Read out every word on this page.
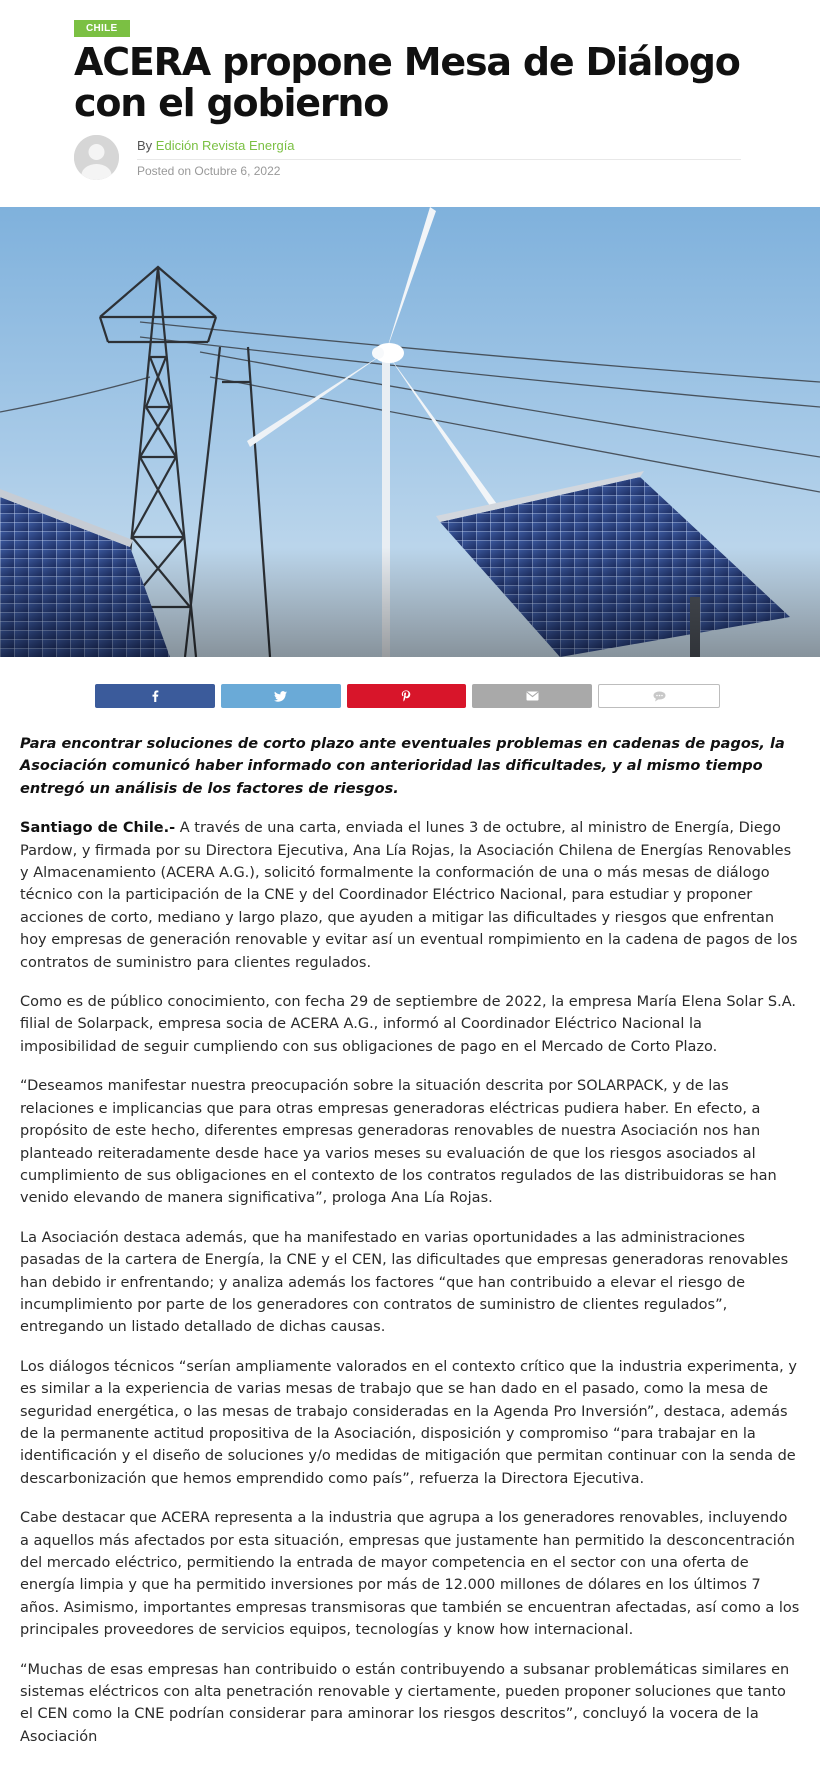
CHILE
ACERA propone Mesa de Diálogo con el gobierno
By Edición Revista Energía
Posted on Octubre 6, 2022

Para encontrar soluciones de corto plazo ante eventuales problemas en cadenas de pagos, la Asociación comunicó haber informado con anterioridad las dificultades, y al mismo tiempo entregó un análisis de los factores de riesgos.

Santiago de Chile.- A través de una carta, enviada el lunes 3 de octubre, al ministro de Energía, Diego Pardow, y firmada por su Directora Ejecutiva, Ana Lía Rojas, la Asociación Chilena de Energías Renovables y Almacenamiento (ACERA A.G.), solicitó formalmente la conformación de una o más mesas de diálogo técnico con la participación de la CNE y del Coordinador Eléctrico Nacional, para estudiar y proponer acciones de corto, mediano y largo plazo, que ayuden a mitigar las dificultades y riesgos que enfrentan hoy empresas de generación renovable y evitar así un eventual rompimiento en la cadena de pagos de los contratos de suministro para clientes regulados.

Como es de público conocimiento, con fecha 29 de septiembre de 2022, la empresa María Elena Solar S.A. filial de Solarpack, empresa socia de ACERA A.G., informó al Coordinador Eléctrico Nacional la imposibilidad de seguir cumpliendo con sus obligaciones de pago en el Mercado de Corto Plazo.

“Deseamos manifestar nuestra preocupación sobre la situación descrita por SOLARPACK, y de las relaciones e implicancias que para otras empresas generadoras eléctricas pudiera haber. En efecto, a propósito de este hecho, diferentes empresas generadoras renovables de nuestra Asociación nos han planteado reiteradamente desde hace ya varios meses su evaluación de que los riesgos asociados al cumplimiento de sus obligaciones en el contexto de los contratos regulados de las distribuidoras se han venido elevando de manera significativa”, prologa Ana Lía Rojas.

La Asociación destaca además, que ha manifestado en varias oportunidades a las administraciones pasadas de la cartera de Energía, la CNE y el CEN, las dificultades que empresas generadoras renovables han debido ir enfrentando; y analiza además los factores “que han contribuido a elevar el riesgo de incumplimiento por parte de los generadores con contratos de suministro de clientes regulados”, entregando un listado detallado de dichas causas.

Los diálogos técnicos “serían ampliamente valorados en el contexto crítico que la industria experimenta, y es similar a la experiencia de varias mesas de trabajo que se han dado en el pasado, como la mesa de seguridad energética, o las mesas de trabajo consideradas en la Agenda Pro Inversión”, destaca, además de la permanente actitud propositiva de la Asociación, disposición y compromiso “para trabajar en la identificación y el diseño de soluciones y/o medidas de mitigación que permitan continuar con la senda de descarbonización que hemos emprendido como país”, refuerza la Directora Ejecutiva.

Cabe destacar que ACERA representa a la industria que agrupa a los generadores renovables, incluyendo a aquellos más afectados por esta situación, empresas que justamente han permitido la desconcentración del mercado eléctrico, permitiendo la entrada de mayor competencia en el sector con una oferta de energía limpia y que ha permitido inversiones por más de 12.000 millones de dólares en los últimos 7 años. Asimismo, importantes empresas transmisoras que también se encuentran afectadas, así como a los principales proveedores de servicios equipos, tecnologías y know how internacional.

“Muchas de esas empresas han contribuido o están contribuyendo a subsanar problemáticas similares en sistemas eléctricos con alta penetración renovable y ciertamente, pueden proponer soluciones que tanto el CEN como la CNE podrían considerar para aminorar los riesgos descritos”, concluyó la vocera de la Asociación
